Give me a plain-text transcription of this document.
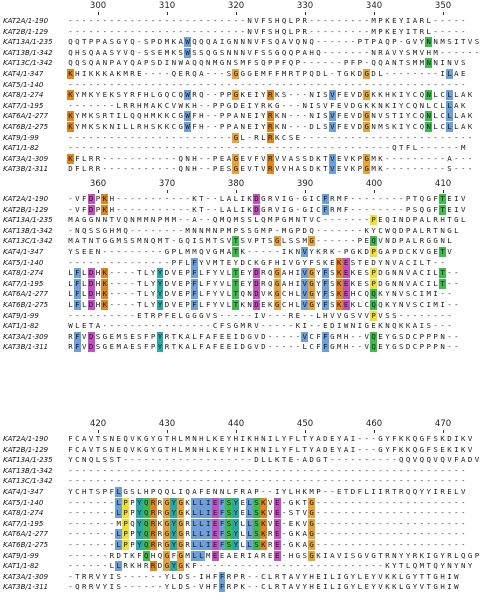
300	310	320	330	340	350
KAT2A/1-190	- - - - - - - - - - - - - - - - - - - - - - - - - - N V F S H Q L P R - - - - - - - - - M P K E Y I A R L - - - - -
KAT2B/1-129	- - - - - - - - - - - - - - - - - - - - - - - - - - N V F S H Q L P R - - - - - - - - - M P K E Y I T R L - - - - -
KAT13A/1-235	Q Q T P P A S G Y Q - S P D M K A W Q Q Q A I G N N N V F S Q A V Q N Q - - - - - - P T P A Q P - G V Y N N M S I T V S
KAT13B/1-342	Q H S Q A A S Y V Q - S S E M K S W S S Q G S N N N V F S S G Q Q P A H Q - - - - - - - N R A V Y S M V H M - - - - - -
KAT13C/1-342	Q Q S Q A N P A Y Q A P S D I N W A Q Q N M G N S M F S Q P P F Q P - - - - - - P F P - Q Q A N T S M M N N I N V S
KAT4/1-347	K H I K K K A K M R E - - - - Q E R Q A - - - S G G G E M F F M R T P Q D L - T G K D G D L - - - - - - - - I L A E
KAT5/1-140	- - - - - - - - - - - - - - - - - - - - - - - - - - - - - - - - - - - - - - - - - - - - - - - - - - - - - - - - - -
KAT8/1-274	K Y M K Y E K S Y R F H L G Q C Q W R Q - - P P G K E I Y R K S - - - N I S V F E V D G K K H K I Y C Q N L C L L A K
KAT7/1-195	- - - - - - - L R R H M A K C V W K H - - P P G D E I Y R K G - - - N I S V F E V D G K K N K I Y C Q N L C L L A K
KAT6A/1-277	K Y M K S R T I L Q Q H M K K C G W F H - - P P A N E I Y R K N - - - N I S V F E V D G N V S T I Y C Q N L C L L A K
KAT6B/1-275	K Y M K S K N I L L R H S K K C G W F H - - P P A N E I Y R K N - - - D L S V F E V D G N M S K I Y C Q N L C L L A K
KAT9/1-99	- - - - - - - - - - - - - - - - - - - - - - - - G L - R L R K C S E - - - - - - - - - - - - - - - - - - - - - - - - -
KAT1/1-82	- - - - - - - - - - - - - - - - - - - - - - - - - - - - - - - - - - - - - - - - - - - - - - - Q T F L - - - - - - M
KAT3A/1-309	K F L R R - - - - - - - - - - - Q N H - - P E A G E V F V R V V A S S D K T V E V K P G M K - - - - - - - - - A - - -
KAT3B/1-311	D F L R R - - - - - - - - - - - Q N H - - P E S G E V T V R V V H A S D K T V E V K P G M K - - - - - - - - - S - - -
360	370	380	390	400	410
KAT2A/1-190	- V F D P K H - - - - - - - - - - - K T - - L A L I K D G R V I G - G I C F R M F - - - - - - - - P T Q G F T E I V
KAT2B/1-129	- V F D P K H - - - - - - - - - - - K T - - L A L I K D G R V I G - G I C F R M F - - - - - - - - P S Q G F T E I V
KAT13A/1-235	M A G G N N T V Q N M M N P M M - - A - - Q M Q M S S L Q M P G M N T V C - - - - - - - P E Q I N D P A L R H T G L
KAT13B/1-342	- N Q S S G H M Q - - - - - - - - M N N M N P M P S S G M P - M G P D Q - - - - - - - K Y C W Q D P A L R T N G L
KAT13C/1-342	M A T N T G G M S S M N Q M T - G Q I S M T S V T S V P T S G L S S M G - - - - - - P E Q V N D P A L R G G N L
KAT4/1-347	Y S E E N - - - - - - - - - G P L M M Q V G M A T K - - - - - I K N V Y K R K - P G K D P G A P D C K V G E T V
KAT5/1-140	- - - - - - - - - - - - - - - P F L F Y V M T E Y D C K G F H I V G Y F S K E K E S T E D Y N V A C I L T - -
KAT8/1-274	L F L D H K - - - - T L Y Y D V E P F L F Y V L T E Y D R Q G A H I V G Y F S K E K E S P D G N N V A C I L T - -
KAT7/1-195	L F L D H K - - - - T L Y Y D V E P F L F Y V L T E Y D R Q G A H I V G Y F S K E K E S P D G N N V A C I L T - -
KAT6A/1-277	L F L D H K - - - - T L Y Y D V E P F L F Y V L T Q N D V K G C H L V G Y F S K E H C Q Q K Y N V S C I M I - -
KAT6B/1-275	L F L D H K - - - - T L Y Y D V E P F L F Y V L T K N D E K G C H L V G Y F S K E K L C Q Q K Y N V S C I M I - -
KAT9/1-99	- - - - - - - - - - E T R P F E L G G G V S - - - - - I V - - - R E - - L H V V G S V V P V S S - - - - - - - -
KAT1/1-82	W L E T A - - - - - - - - - - - - - - - - C F S G M R V - - - - - K I - - E D I W N I G E K N Q K K A I S - - -
KAT3A/1-309	R F V D S G E M S E S F P Y R T K A L F A F E E I D G V D - - - - - V C F F G M H - - V Q E Y G S D C P P P N - -
KAT3B/1-311	R F V D S G E M A E S F P Y R T K A L F A F E E I D G V D - - - - - L C F F G M H - - V Q E Y G S D C P P P N - -
420	430	440	450	460	470
KAT2A/1-190	F C A V T S N E Q V K G Y G T H L M N H L K E Y H I K H N I L Y F L T Y A D E Y A I - - - G Y F K K Q G F S K D I K V
KAT2B/1-129	F C A V T S N E Q V K G Y G T H L M N H L K E Y H I K H N I L Y F L T Y A D E Y A I - - - G Y F K K Q G F S E K I K V
KAT13A/1-235	Y C N Q L S S T - - - - - - - - - - - - - - - - - - - D L L K T E - A D G T - - - - - - - - - - Q Q V Q Q V Q V F A D V
KAT13B/1-342	- - - - - - - - - - - - - - - - - - - - - - - - - - - - - - - - - - - - - - - - - - - - - - - - - - - - - - - - - -
KAT13C/1-342	- - - - - - - - - - - - - - - - - - - - - - - - - - - - - - - - - - - - - - - - - - - - - - - - - - - - - - - - - -
KAT4/1-347	Y C H T S P F L G S L H P Q Q L I Q A F E N N L F R A P - - I Y L H K M P - - E T D F L I I R T R Q Q Y Y I R E L V
KAT5/1-140	- - - - - - - L P P Y Q R R G Y G K L L I E F S Y E L S K V E - G K T G - - - - - - - - - - - - - - - - - - - - - -
KAT8/1-274	- - - - - - - L P P Y Q R R G Y G K L L I E F S Y E L S K V E - S T V G - - - - - - - - - - - - - - - - - - - - - -
KAT7/1-195	- - - - - - - M P Q Y Q R K G Y G R L L I E F S Y L L S K V E - E K V G - - - - - - - - - - - - - - - - - - - - - -
KAT6A/1-277	- - - - - - - L P P Y Q R R G Y G R L L I E F S Y L L S K R E - G K A G - - - - - - - - - - - - - - - - - - - - - -
KAT6B/1-275	- - - - - - - L P P Y Q R R G Y G R L L I E F S Y L L S K R E - G K A G - - - - - - - - - - - - - - - - - - - - - -
KAT9/1-99	- - - - - - R D T K F Q H Q G F G M L L M E E A E R I A R E E - H G S G K I A V I S G V G T R N Y Y R K I G Y R L Q G P
KAT1/1-82	- - - - - - L L R K H R R D G Y G K F - - - - - - - - - - - - - - - - - - - - - - - - - - - K Y T L Q M T Q Y N Y N Y
KAT3A/1-309	- T R R V Y I S - - - - - - Y L D S - I H F F R P R - - C L R T A V Y H E I L I G Y L E Y V K K L G Y T T G H I W
KAT3B/1-311	- Q R R V Y I S - - - - - - Y L D S - V H F F R P K - - C L R T A V Y H E I L I G Y L E Y V K K L G Y V T G H I W
